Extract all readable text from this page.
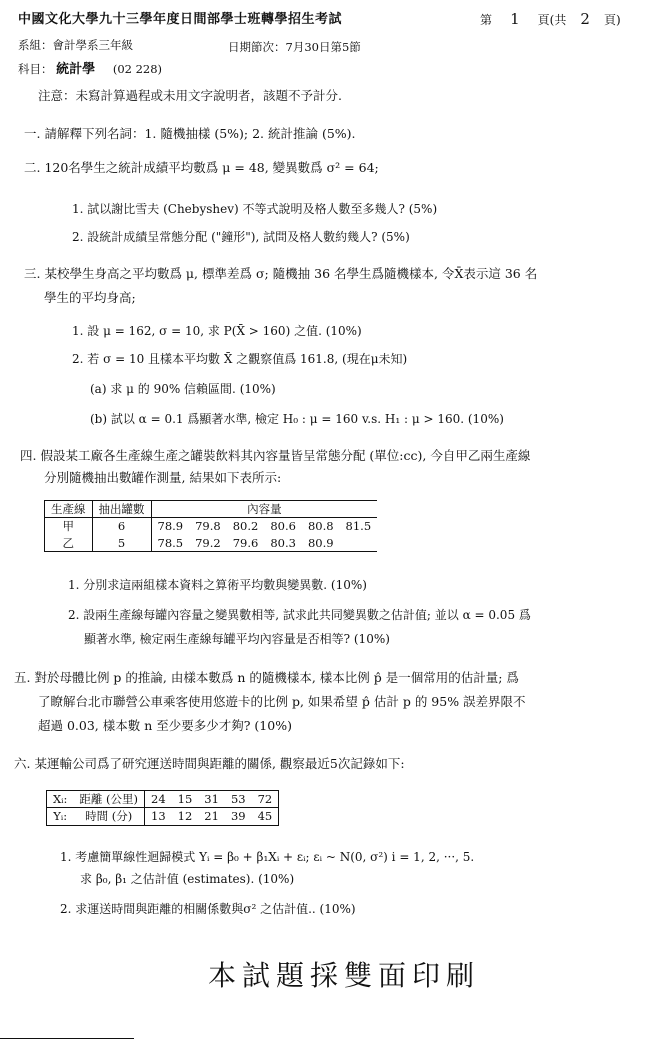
中國文化大學九十三學年度日間部學士班轉學招生考試	第 1 頁(共 2 頁)
系組：會計學系三年級	日期節次：7月30日第5節
科目： 統計學 (02 228)
注意：未寫計算過程或未用文字說明者，該題不予計分.
一. 請解釋下列名詞：1. 隨機抽樣 (5%); 2. 統計推論 (5%).
二. 120名學生之統計成績平均數爲 μ = 48, 變異數爲 σ² = 64;
1. 試以謝比雪夫 (Chebyshev) 不等式說明及格人數至多幾人? (5%)
2. 設統計成績呈常態分配 ("鐘形"), 試問及格人數約幾人? (5%)
三. 某校學生身高之平均數爲 μ, 標準差爲 σ; 隨機抽 36 名學生爲隨機樣本, 令X̄表示這 36 名
學生的平均身高;
1. 設 μ = 162, σ = 10, 求 P(X̄ > 160) 之值. (10%)
2. 若 σ = 10 且樣本平均數 X̄ 之觀察值爲 161.8, (現在μ未知)
(a) 求 μ 的 90% 信賴區間. (10%)
(b) 試以 α = 0.1 爲顯著水準, 檢定 H₀ : μ = 160 v.s. H₁ : μ > 160. (10%)
四. 假設某工廠各生產線生產之罐裝飲料其內容量皆呈常態分配 (單位:cc), 今自甲乙兩生產線
分別隨機抽出數罐作測量, 結果如下表所示:
生產線	抽出罐數	內容量					
甲	6	78.9	79.8	80.2	80.6	80.8	81.5
乙	5	78.5	79.2	79.6	80.3	80.9	
1. 分別求這兩組樣本資料之算術平均數與變異數. (10%)
2. 設兩生產線每罐內容量之變異數相等, 試求此共同變異數之估計值; 並以 α = 0.05 爲
顯著水準, 檢定兩生產線每罐平均內容量是否相等? (10%)
五. 對於母體比例 p 的推論, 由樣本數爲 n 的隨機樣本, 樣本比例 p̂ 是一個常用的估計量; 爲
了瞭解台北市聯營公車乘客使用悠遊卡的比例 p, 如果希望 p̂ 估計 p 的 95% 誤差界限不
超過 0.03, 樣本數 n 至少要多少才夠? (10%)
六. 某運輸公司爲了研究運送時間與距離的關係, 觀察最近5次記錄如下:
Xᵢ:	距離 (公里)	24	15	31	53	72
Yᵢ:	時間 (分)	13	12	21	39	45
1. 考慮簡單線性迴歸模式 Yᵢ = β₀ + β₁Xᵢ + εᵢ; εᵢ ~ N(0, σ²) i = 1, 2, ···, 5.
求 β₀, β₁ 之估計值 (estimates). (10%)
2. 求運送時間與距離的相關係數與σ² 之估計值.. (10%)
本試題採雙面印刷
